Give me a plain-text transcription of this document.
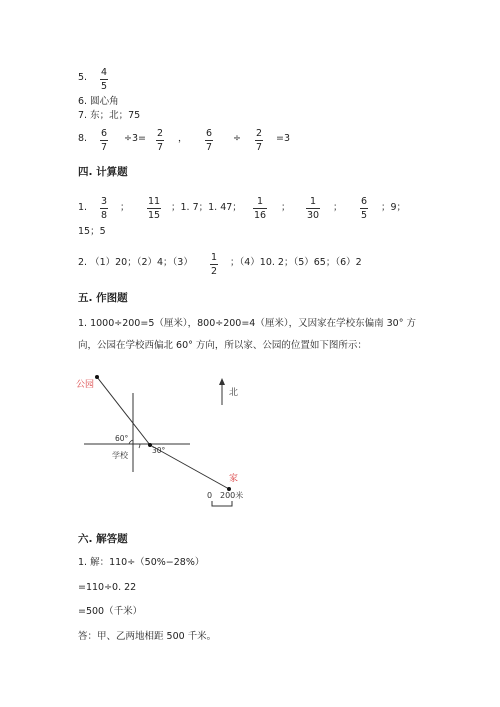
5. 4
5
6. 圆心角
7. 东；北；75
8. 6
7
÷3= 2
7
， 6
7
÷ 2
7
=3
四. 计算题
1.
3
8
；
11
15
；1. 7；1. 47；
1
16
；
1
30
；
6
5
；9；
15；5
2. （1）20；（2）4；（3） 1
2
；（4）10. 2；（5）65；（6）2
五. 作图题
1. 1000÷200=5（厘米），800÷200=4（厘米），又因家在学校东偏南 30° 方
向，公园在学校西偏北 60° 方向，所以家、公园的位置如下图所示：
公园
北
60°
30°
学校
家
0 200米
六. 解答题
1. 解：110÷（50%−28%）
=110÷0. 22
=500（千米）
答：甲、乙两地相距 500 千米。
